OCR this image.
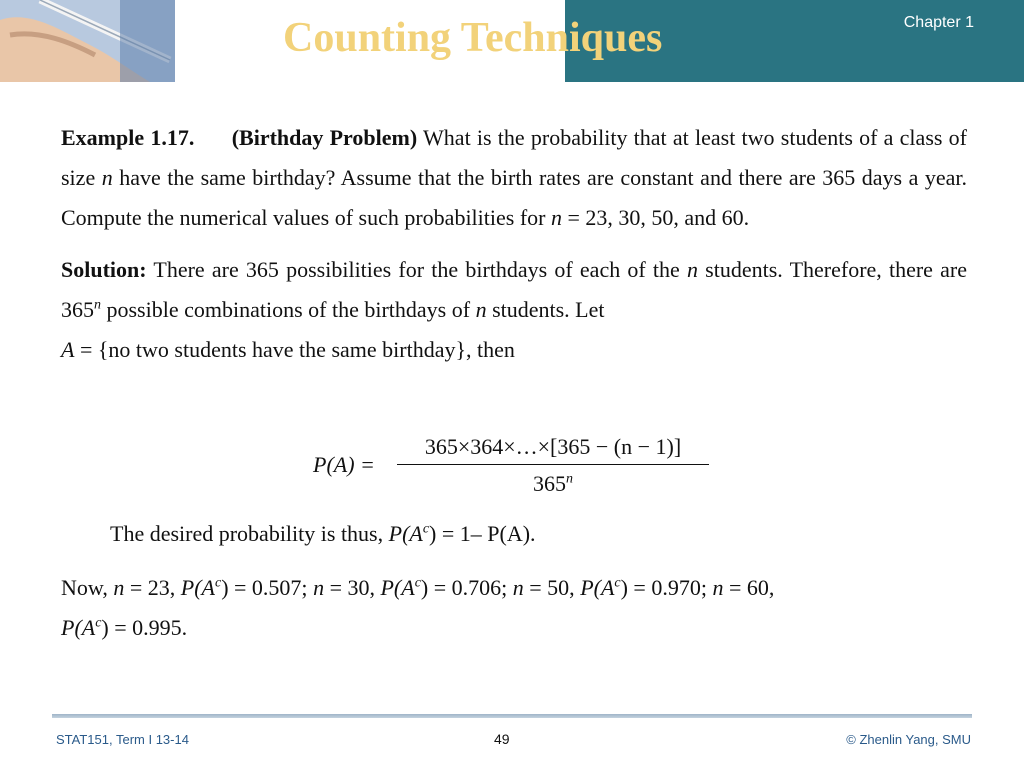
Counting Techniques	Chapter 1

Example 1.17. (Birthday Problem) What is the probability that at least two students of a class of size n have the same birthday? Assume that the birth rates are constant and there are 365 days a year. Compute the numerical values of such probabilities for n = 23, 30, 50, and 60.

Solution: There are 365 possibilities for the birthdays of each of the n students. Therefore, there are 365$^n$ possible combinations of the birthdays of n students. Let
A = {no two students have the same birthday}, then

P(A) =
365×364×…×[365 − (n − 1)]
365$^n$
The desired probability is thus, $P(A^c) = 1-$ P(A).
Now, n = 23, $P(A^c) = 0.507$; n = 30, $P(A^c) = 0.706$; n = 50, $P(A^c) = 0.970$; n = 60,
$P(A^c) = 0.995$.
STAT151, Term I 13-14	49	© Zhenlin Yang, SMU
